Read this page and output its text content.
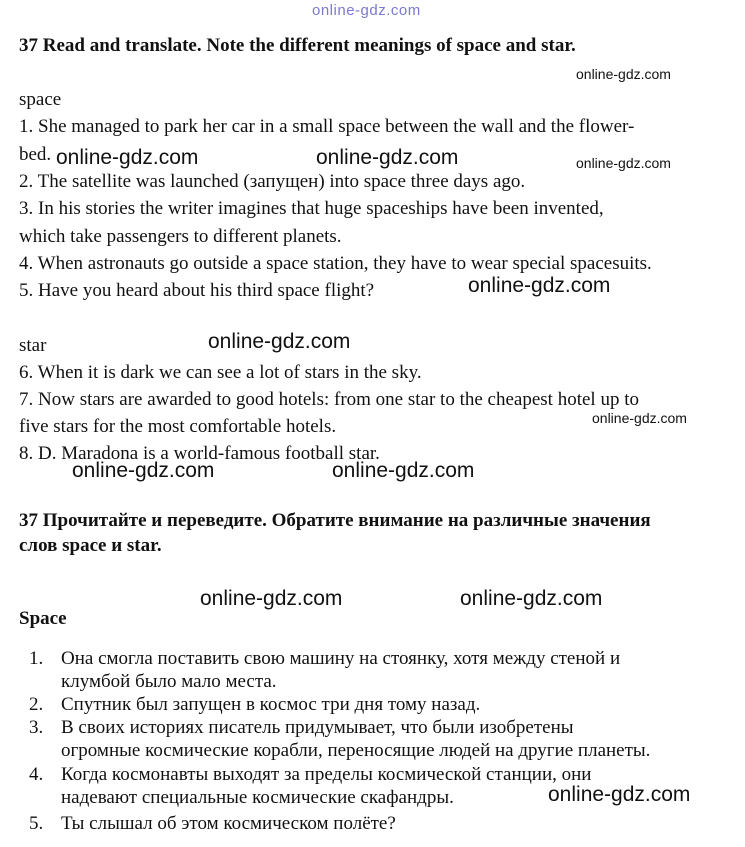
online-gdz.com
37 Read and translate. Note the different meanings of space and star.
online-gdz.com
space
1. She managed to park her car in a small space between the wall and the flower-
bed. online-gdz.com	online-gdz.com	online-gdz.com
2. The satellite was launched (запущен) into space three days ago.
3. In his stories the writer imagines that huge spaceships have been invented,
which take passengers to different planets.
4. When astronauts go outside a space station, they have to wear special spacesuits.
5. Have you heard about his third space flight?	online-gdz.com
online-gdz.com
star
6. When it is dark we can see a lot of stars in the sky.
7. Now stars are awarded to good hotels: from one star to the cheapest hotel up to
five stars for the most comfortable hotels.	online-gdz.com
8. D. Maradona is a world-famous football star.
online-gdz.com	online-gdz.com
37 Прочитайте и переведите. Обратите внимание на различные значения
слов space и star.
online-gdz.com	online-gdz.com
Space
1. Она смогла поставить свою машину на стоянку, хотя между стеной и
клумбой было мало места.
2. Спутник был запущен в космос три дня тому назад.
3. В своих историях писатель придумывает, что были изобретены
огромные космические корабли, переносящие людей на другие планеты.
4. Когда космонавты выходят за пределы космической станции, они
надевают специальные космические скафандры.	online-gdz.com
5. Ты слышал об этом космическом полёте?
